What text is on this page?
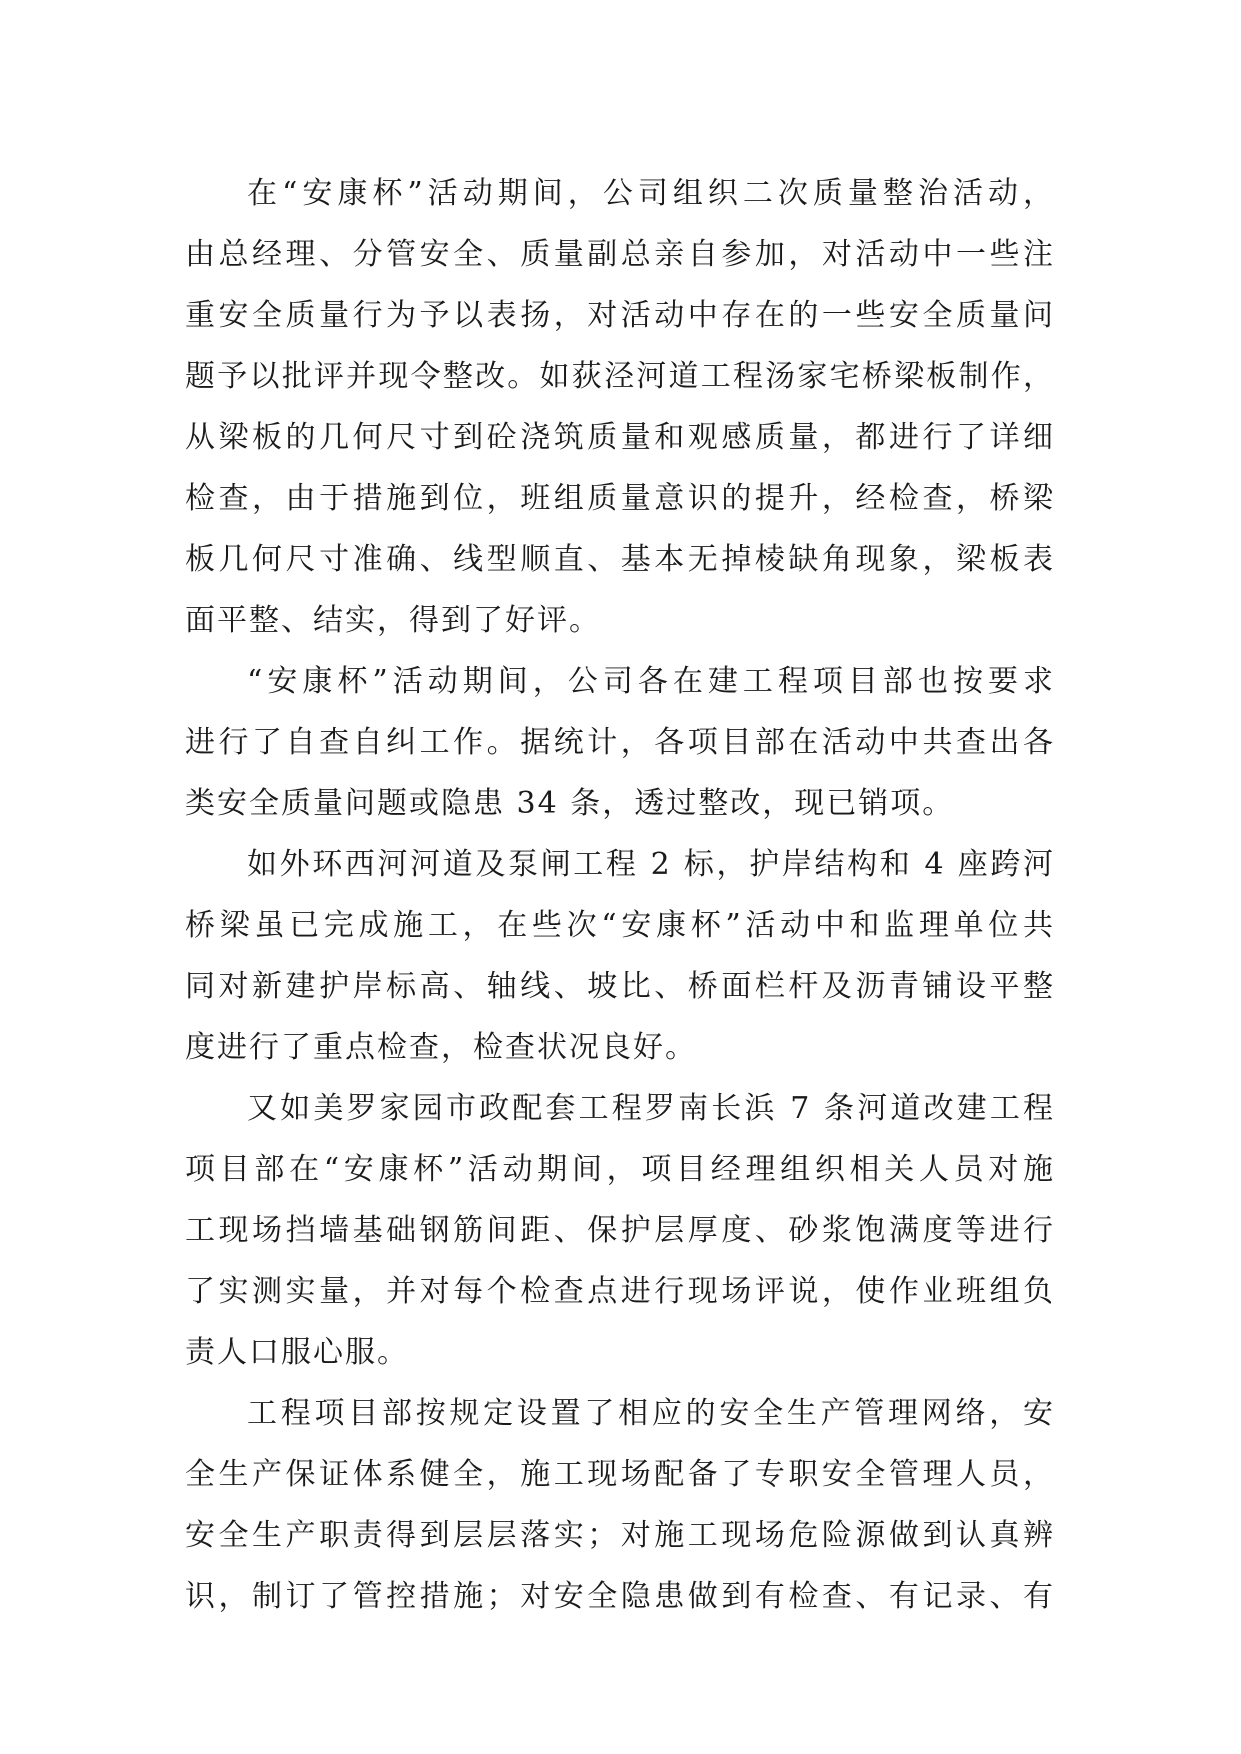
在“安康杯”活动期间，公司组织二次质量整治活动，
由总经理、分管安全、质量副总亲自参加，对活动中一些注
重安全质量行为予以表扬，对活动中存在的一些安全质量问
题予以批评并现令整改。如荻泾河道工程汤家宅桥梁板制作，
从梁板的几何尺寸到砼浇筑质量和观感质量，都进行了详细
检查，由于措施到位，班组质量意识的提升，经检查，桥梁
板几何尺寸准确、线型顺直、基本无掉棱缺角现象，梁板表
面平整、结实，得到了好评。
“安康杯”活动期间，公司各在建工程项目部也按要求
进行了自查自纠工作。据统计，各项目部在活动中共查出各
类安全质量问题或隐患 34 条，透过整改，现已销项。
如外环西河河道及泵闸工程 2 标，护岸结构和 4 座跨河
桥梁虽已完成施工，在些次“安康杯”活动中和监理单位共
同对新建护岸标高、轴线、坡比、桥面栏杆及沥青铺设平整
度进行了重点检查，检查状况良好。
又如美罗家园市政配套工程罗南长浜 7 条河道改建工程
项目部在“安康杯”活动期间，项目经理组织相关人员对施
工现场挡墙基础钢筋间距、保护层厚度、砂浆饱满度等进行
了实测实量，并对每个检查点进行现场评说，使作业班组负
责人口服心服。
工程项目部按规定设置了相应的安全生产管理网络，安
全生产保证体系健全，施工现场配备了专职安全管理人员，
安全生产职责得到层层落实；对施工现场危险源做到认真辨
识，制订了管控措施；对安全隐患做到有检查、有记录、有
